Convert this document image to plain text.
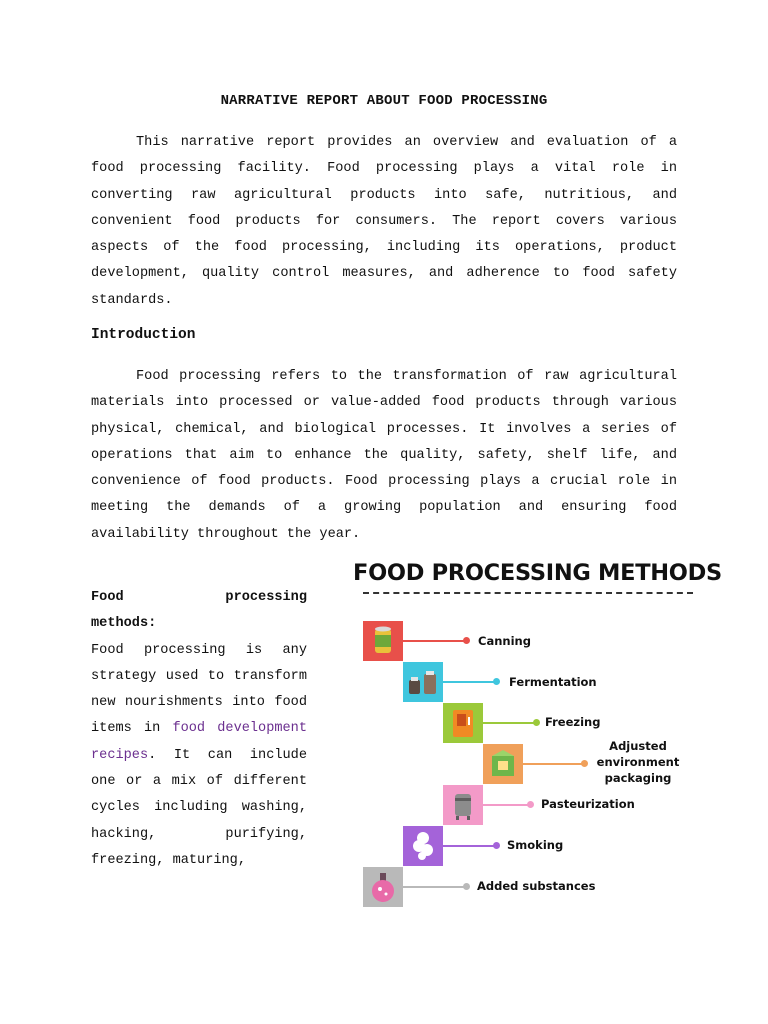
NARRATIVE REPORT ABOUT FOOD PROCESSING

This narrative report provides an overview and evaluation of a food processing facility. Food processing plays a vital role in converting raw agricultural products into safe, nutritious, and convenient food products for consumers. The report covers various aspects of the food processing, including its operations, product development, quality control measures, and adherence to food safety standards.

Introduction

Food processing refers to the transformation of raw agricultural materials into processed or value-added food products through various physical, chemical, and biological processes. It involves a series of operations that aim to enhance the quality, safety, shelf life, and convenience of food products. Food processing plays a crucial role in meeting the demands of a growing population and ensuring food availability throughout the year.

Food processing
methods:
Food processing is any strategy used to transform new nourishments into food items in food development recipes. It can include one or a mix of different cycles including washing, hacking, purifying, freezing, maturing,
FOOD PROCESSING METHODS
Canning
Fermentation
Freezing
Adjusted environment packaging
Pasteurization
Smoking
Added substances
